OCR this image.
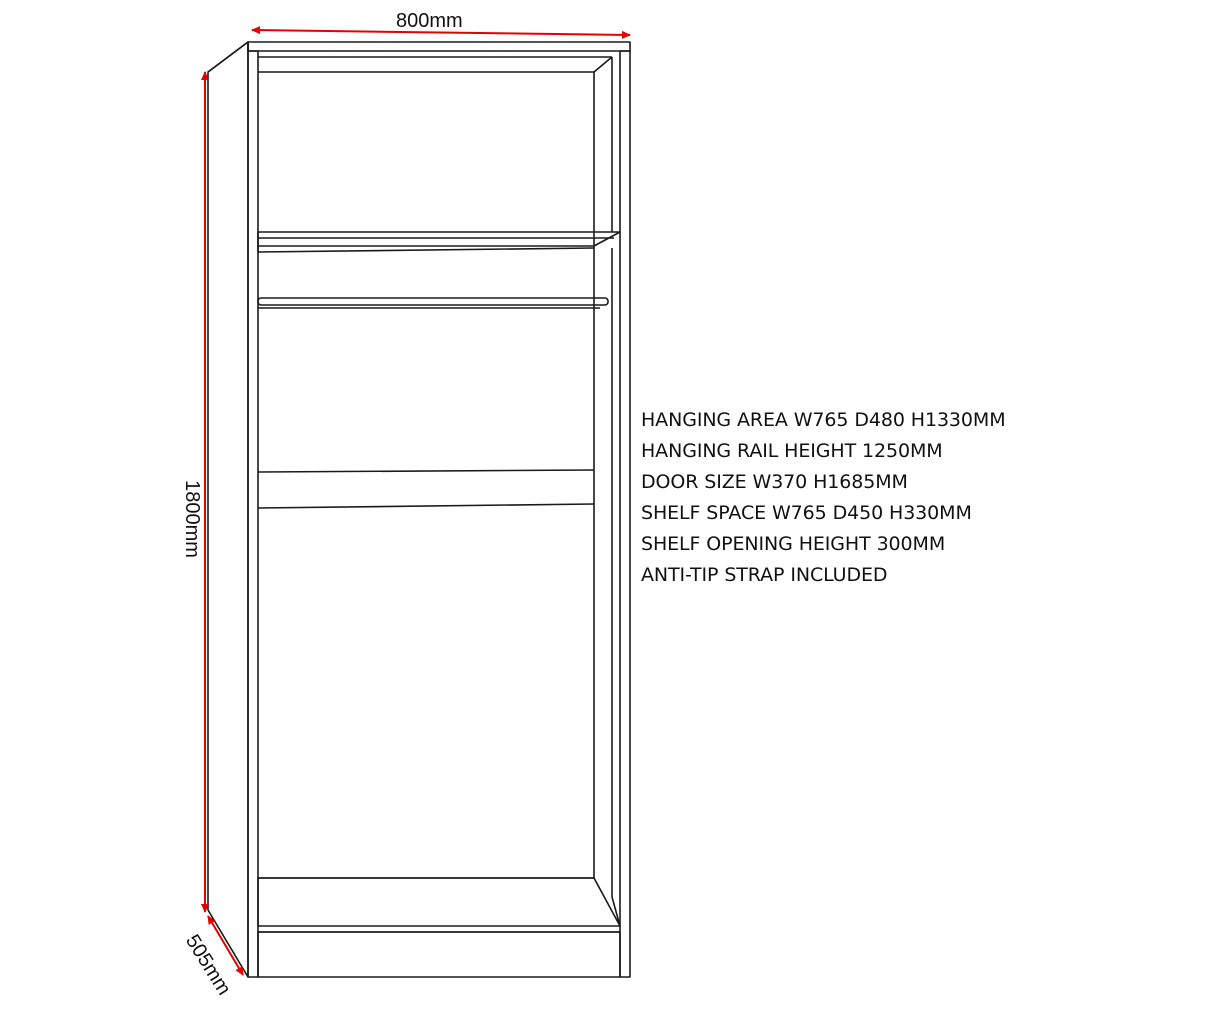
800mm
1800mm
505mm
HANGING AREA W765 D480 H1330MM
HANGING RAIL HEIGHT 1250MM
DOOR SIZE W370 H1685MM
SHELF SPACE W765 D450 H330MM
SHELF OPENING HEIGHT 300MM
ANTI-TIP STRAP INCLUDED
